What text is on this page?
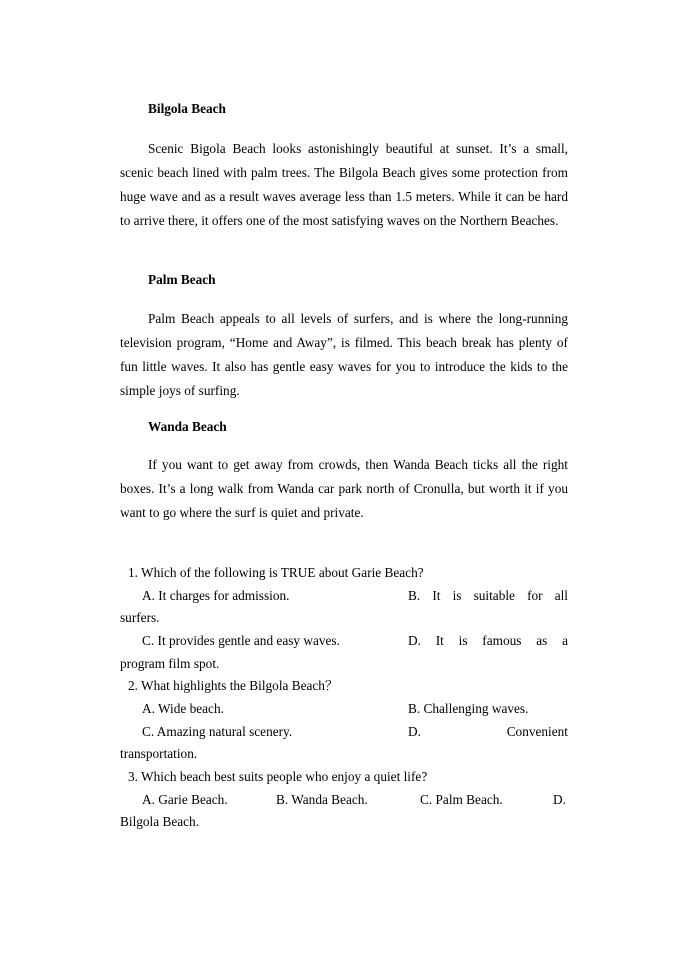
Bilgola Beach

Scenic Bigola Beach looks astonishingly beautiful at sunset. It’s a small, scenic beach lined with palm trees. The Bilgola Beach gives some protection from huge wave and as a result waves average less than 1.5 meters. While it can be hard to arrive there, it offers one of the most satisfying waves on the Northern Beaches.

Palm Beach

Palm Beach appeals to all levels of surfers, and is where the long-running television program, “Home and Away”, is filmed. This beach break has plenty of fun little waves. It also has gentle easy waves for you to introduce the kids to the simple joys of surfing.

Wanda Beach

If you want to get away from crowds, then Wanda Beach ticks all the right boxes. It’s a long walk from Wanda car park north of Cronulla, but worth it if you want to go where the surf is quiet and private.

1. Which of the following is TRUE about Garie Beach?
A. It charges for admission.	B. It is suitable for all
surfers.
C. It provides gentle and easy waves.	D. It is famous as a
program film spot.
2. What highlights the Bilgola Beach？
A. Wide beach.	B. Challenging waves.
C. Amazing natural scenery.	D. Convenient
transportation.
3. Which beach best suits people who enjoy a quiet life?
A. Garie Beach.	B. Wanda Beach.	C. Palm Beach.	D.
Bilgola Beach.
